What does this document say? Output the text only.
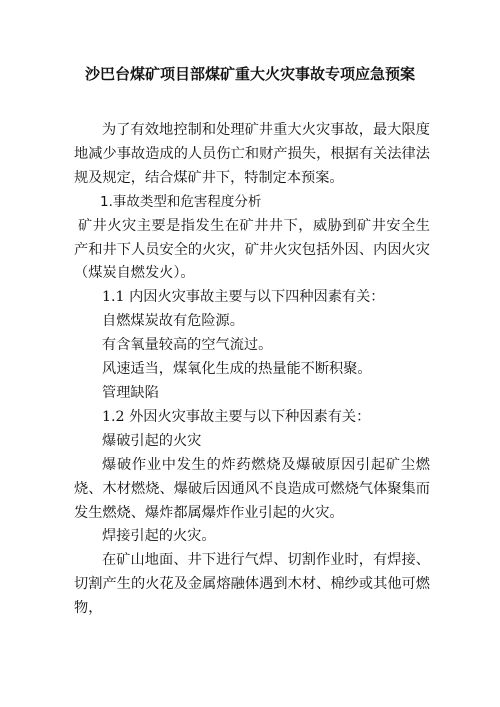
沙巴台煤矿项目部煤矿重大火灾事故专项应急预案

为了有效地控制和处理矿井重大火灾事故，最大限度地减少事故造成的人员伤亡和财产损失，根据有关法律法规及规定，结合煤矿井下，特制定本预案。

1.事故类型和危害程度分析

矿井火灾主要是指发生在矿井井下，威胁到矿井安全生产和井下人员安全的火灾，矿井火灾包括外因、内因火灾（煤炭自燃发火）。

1.1 内因火灾事故主要与以下四种因素有关：

自燃煤炭故有危险源。

有含氧量较高的空气流过。

风速适当，煤氧化生成的热量能不断积聚。

管理缺陷

1.2 外因火灾事故主要与以下种因素有关：

爆破引起的火灾

爆破作业中发生的炸药燃烧及爆破原因引起矿尘燃烧、木材燃烧、爆破后因通风不良造成可燃烧气体聚集而发生燃烧、爆炸都属爆炸作业引起的火灾。

焊接引起的火灾。

在矿山地面、井下进行气焊、切割作业时，有焊接、切割产生的火花及金属熔融体遇到木材、棉纱或其他可燃物，
